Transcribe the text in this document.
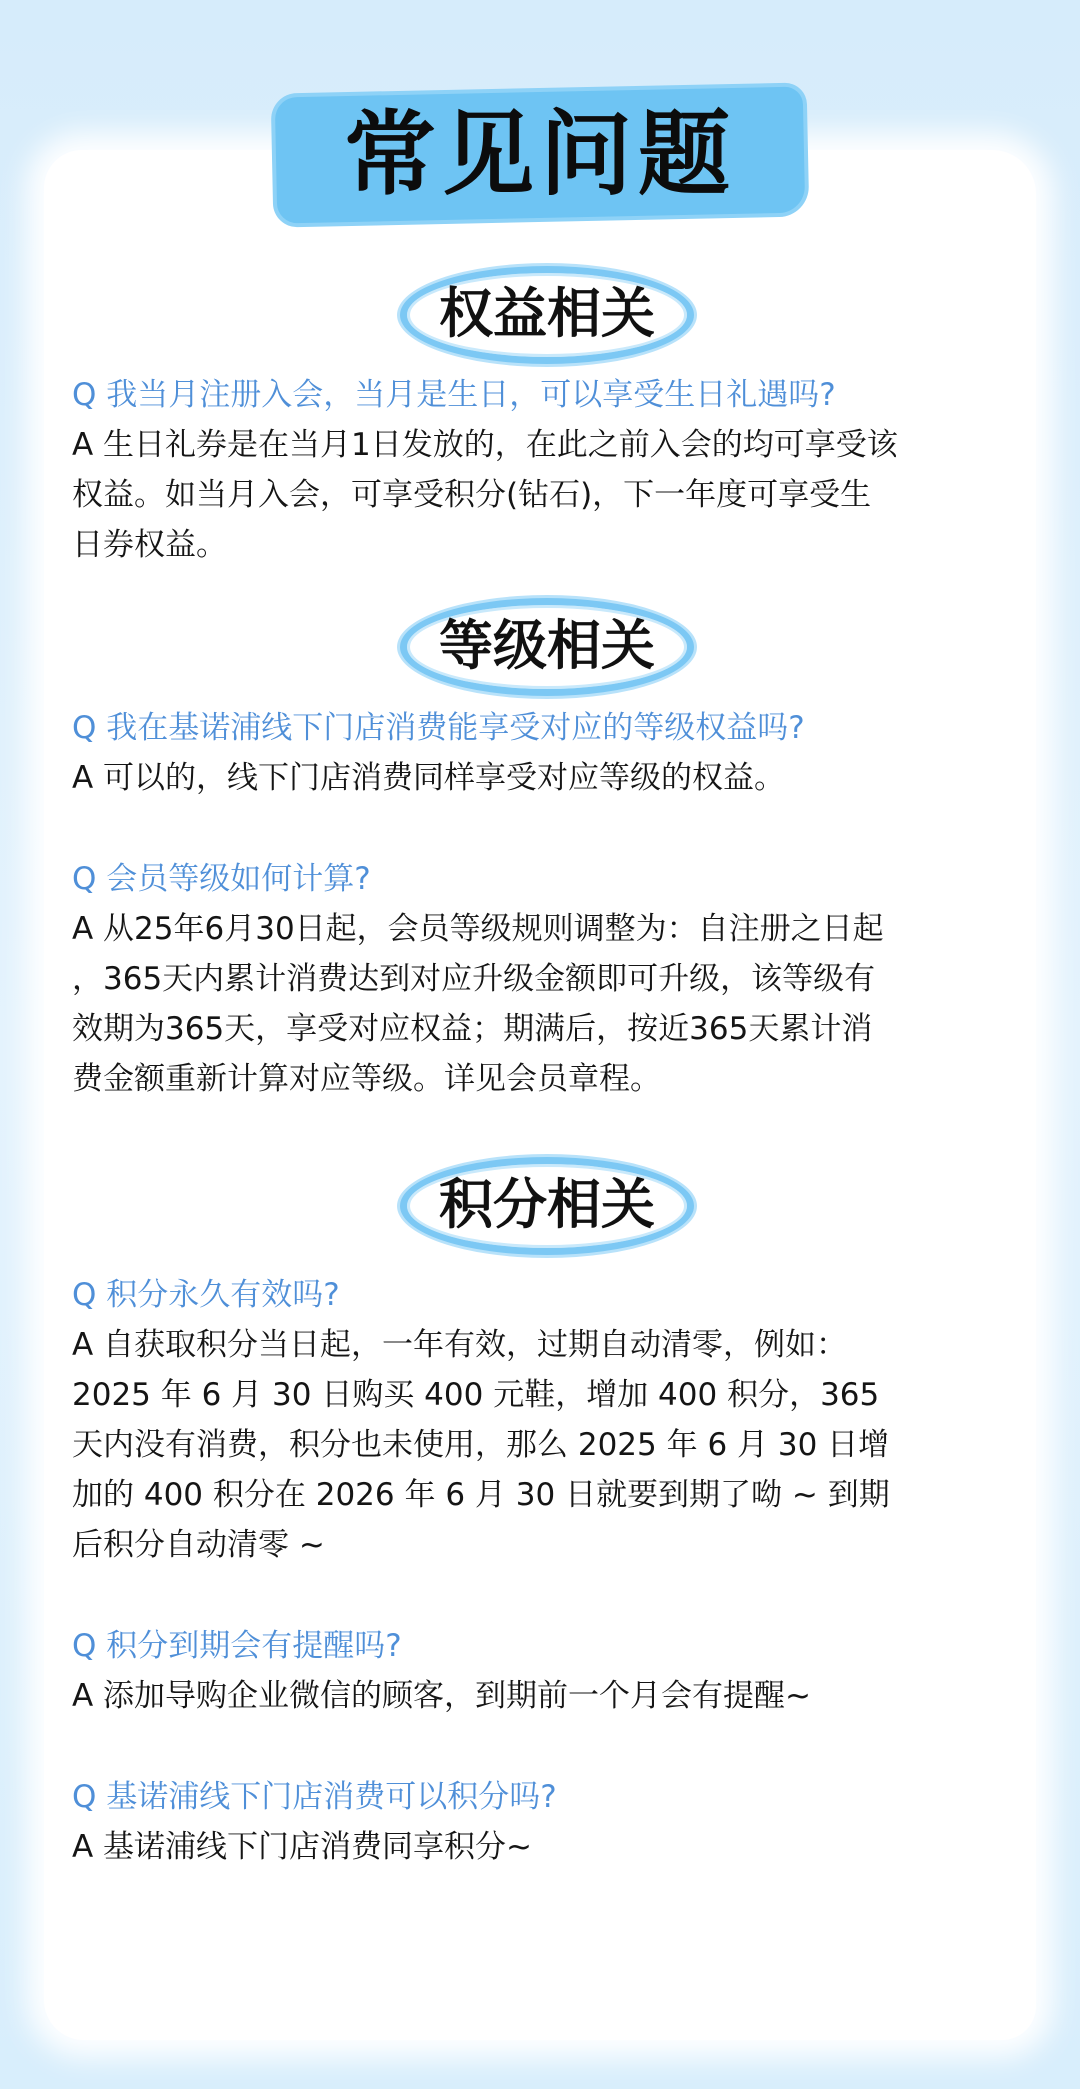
常见问题
权益相关
Q 我当月注册入会，当月是生日，可以享受生日礼遇吗?
A 生日礼券是在当月1日发放的，在此之前入会的均可享受该
权益。如当月入会，可享受积分(钻石)，下一年度可享受生
日券权益。
等级相关
Q 我在基诺浦线下门店消费能享受对应的等级权益吗?
A 可以的，线下门店消费同样享受对应等级的权益。
Q 会员等级如何计算?
A 从25年6月30日起，会员等级规则调整为：自注册之日起
，365天内累计消费达到对应升级金额即可升级，该等级有
效期为365天，享受对应权益；期满后，按近365天累计消
费金额重新计算对应等级。详见会员章程。
积分相关
Q 积分永久有效吗?
A 自获取积分当日起，一年有效，过期自动清零，例如：
2025 年 6 月 30 日购买 400 元鞋，增加 400 积分，365
天内没有消费，积分也未使用，那么 2025 年 6 月 30 日增
加的 400 积分在 2026 年 6 月 30 日就要到期了呦 ~ 到期
后积分自动清零 ~
Q 积分到期会有提醒吗?
A 添加导购企业微信的顾客，到期前一个月会有提醒~
Q 基诺浦线下门店消费可以积分吗?
A 基诺浦线下门店消费同享积分~
